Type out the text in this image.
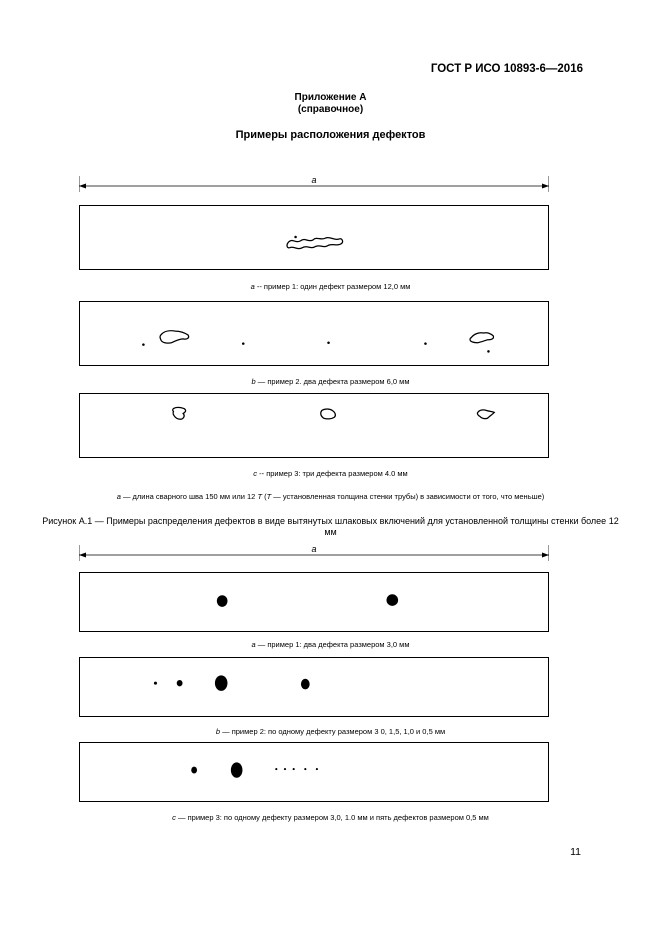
ГОСТ Р ИСО 10893-6—2016
Приложение А
(справочное)
Примеры расположения дефектов
a
a -- пример 1: один дефект размером 12,0 мм
b — пример 2. два дефекта размером 6,0 мм
c -- пример 3: три дефекта размером 4.0 мм
a — длина сварного шва 150 мм или 12 T (T — установленная толщина стенки трубы) в зависимости от того, что меньше)
Рисунок А.1 — Примеры распределения дефектов в виде вытянутых шлаковых включений для установленной толщины стенки более 12 мм
a
a — пример 1: два дефекта размером 3,0 мм
b — пример 2: по одному дефекту размером 3 0, 1,5, 1,0 и 0,5 мм
c — пример 3: по одному дефекту размером 3,0, 1.0 мм и пять дефектов размером 0,5 мм
11
